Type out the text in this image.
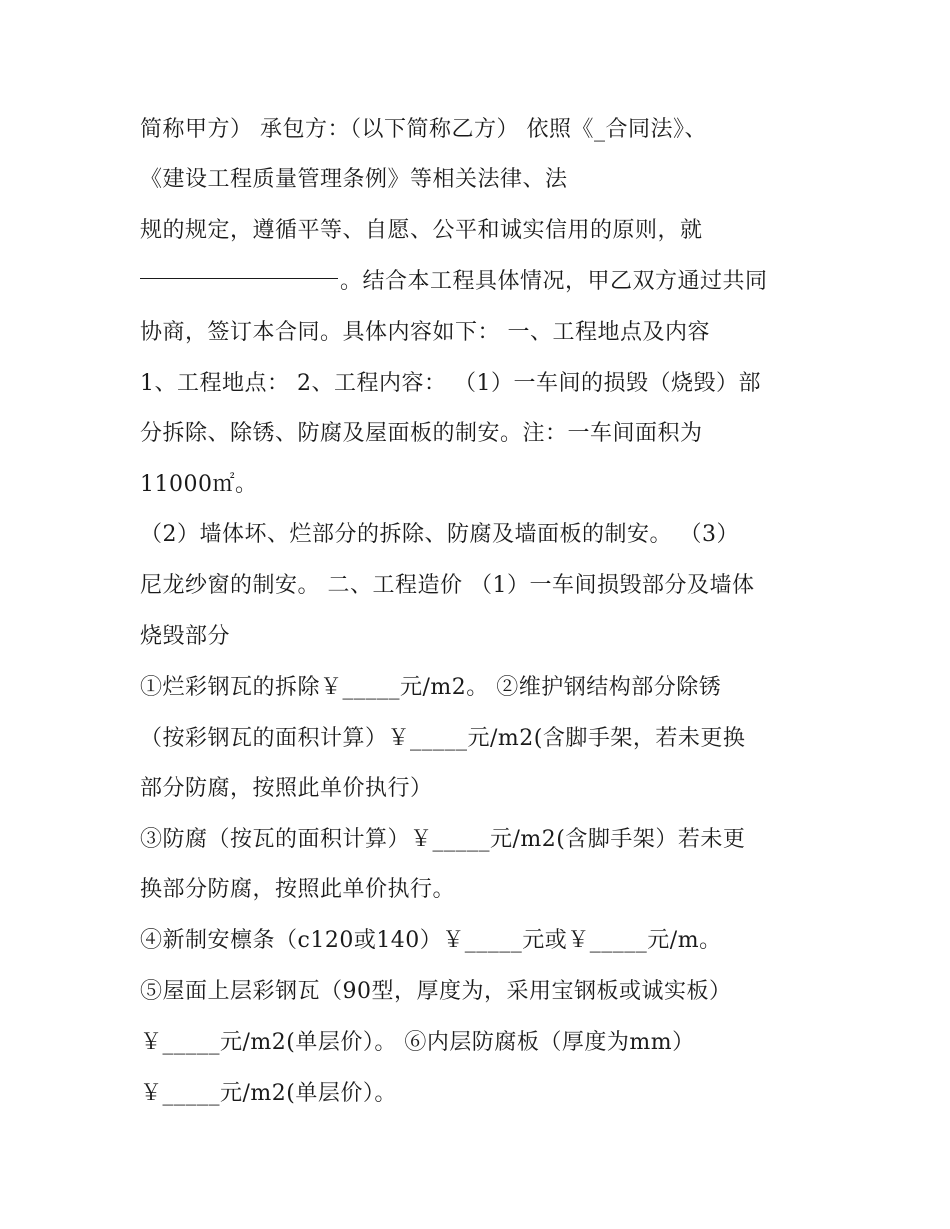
简称甲方） 承包方：（以下简称乙方） 依照《_合同法》、
《建设工程质量管理条例》等相关法律、法
规的规定，遵循平等、自愿、公平和诚实信用的原则，就
。结合本工程具体情况，甲乙双方通过共同
协商，签订本合同。具体内容如下： 一、工程地点及内容
1、工程地点： 2、工程内容： （1）一车间的损毁（烧毁）部
分拆除、除锈、防腐及屋面板的制安。注：一车间面积为
11000㎡。
（2）墙体坏、烂部分的拆除、防腐及墙面板的制安。 （3）
尼龙纱窗的制安。 二、工程造价 （1）一车间损毁部分及墙体
烧毁部分
①烂彩钢瓦的拆除￥_____元/m2。 ②维护钢结构部分除锈
（按彩钢瓦的面积计算）￥_____元/m2(含脚手架，若未更换
部分防腐，按照此单价执行）
③防腐（按瓦的面积计算）￥_____元/m2(含脚手架）若未更
换部分防腐，按照此单价执行。
④新制安檩条（c120或140）￥_____元或￥_____元/m。
⑤屋面上层彩钢瓦（90型，厚度为，采用宝钢板或诚实板）
￥_____元/m2(单层价）。 ⑥内层防腐板（厚度为mm）
￥_____元/m2(单层价）。
